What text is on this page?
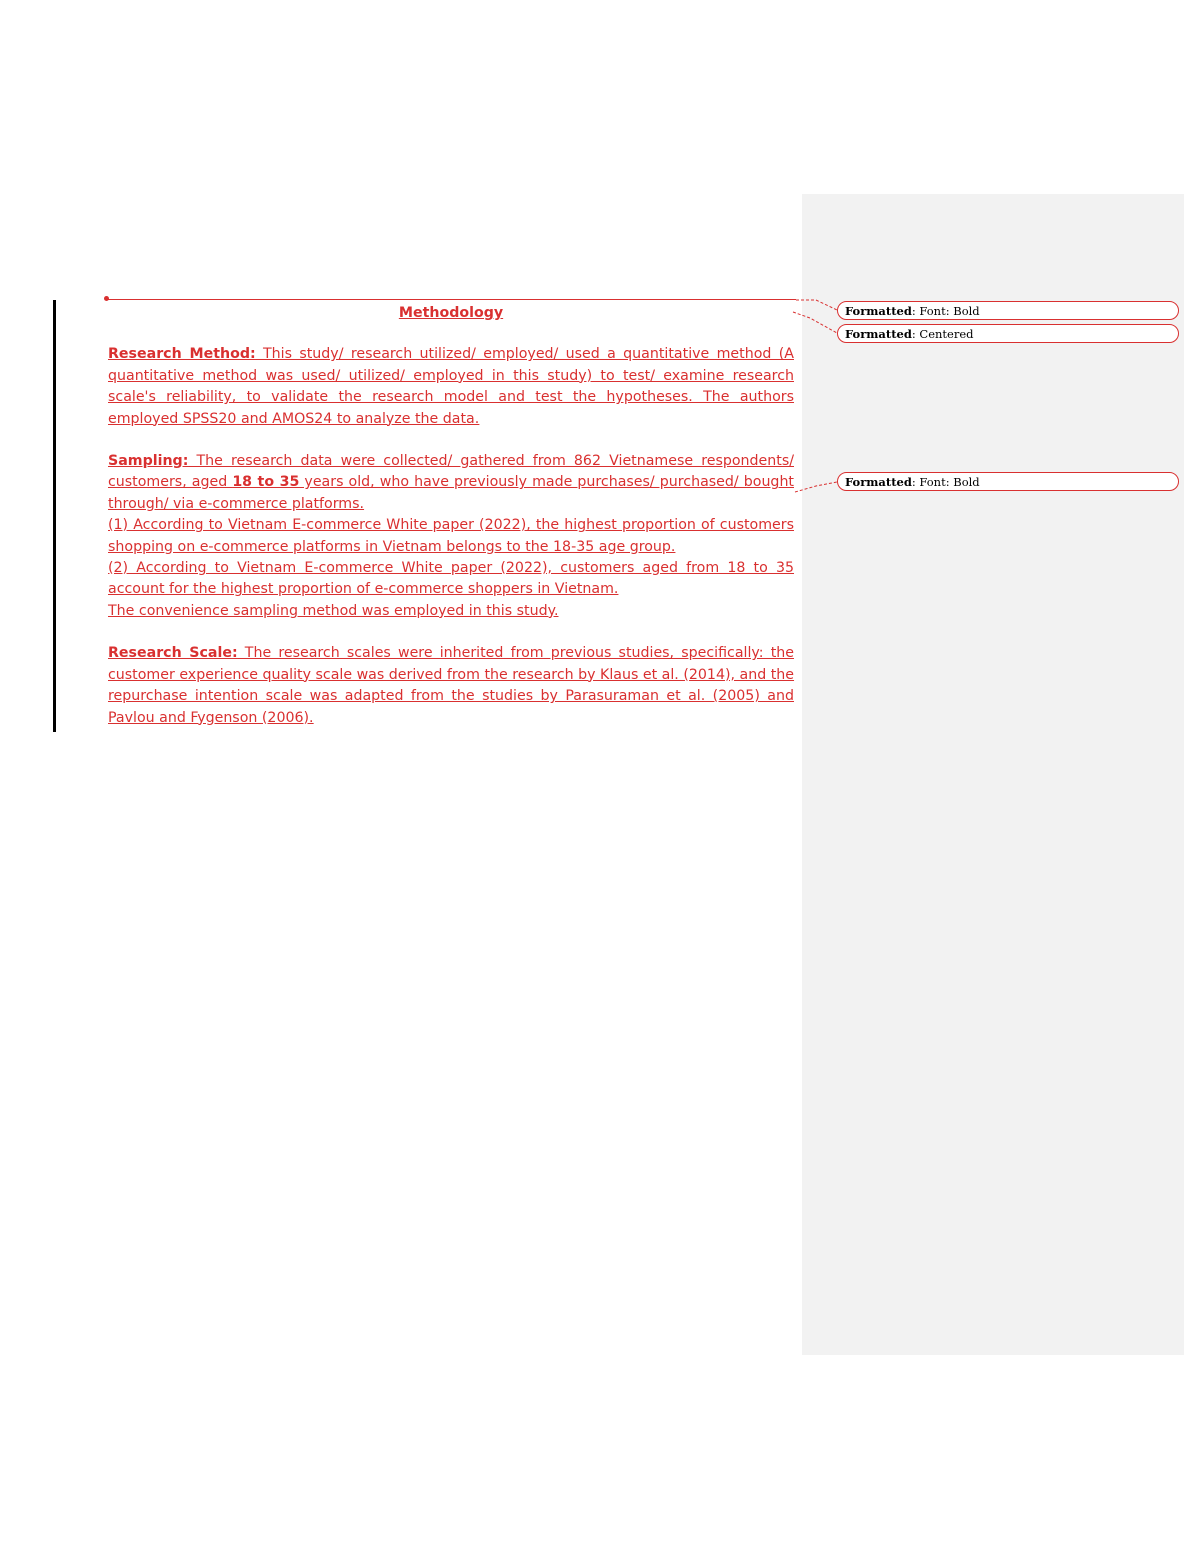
Methodology

Research Method: This study/ research utilized/ employed/ used a quantitative method (A quantitative method was used/ utilized/ employed in this study) to test/ examine research scale's reliability, to validate the research model and test the hypotheses. The authors employed SPSS20 and AMOS24 to analyze the data.

Sampling: The research data were collected/ gathered from 862 Vietnamese respondents/ customers, aged 18 to 35 years old, who have previously made purchases/ purchased/ bought through/ via e-commerce platforms.

(1) According to Vietnam E-commerce White paper (2022), the highest proportion of customers shopping on e-commerce platforms in Vietnam belongs to the 18-35 age group.

(2) According to Vietnam E-commerce White paper (2022), customers aged from 18 to 35 account for the highest proportion of e-commerce shoppers in Vietnam.

The convenience sampling method was employed in this study.

Research Scale: The research scales were inherited from previous studies, specifically: the customer experience quality scale was derived from the research by Klaus et al. (2014), and the repurchase intention scale was adapted from the studies by Parasuraman et al. (2005) and Pavlou and Fygenson (2006).

Formatted: Font: Bold
Formatted: Centered
Formatted: Font: Bold
